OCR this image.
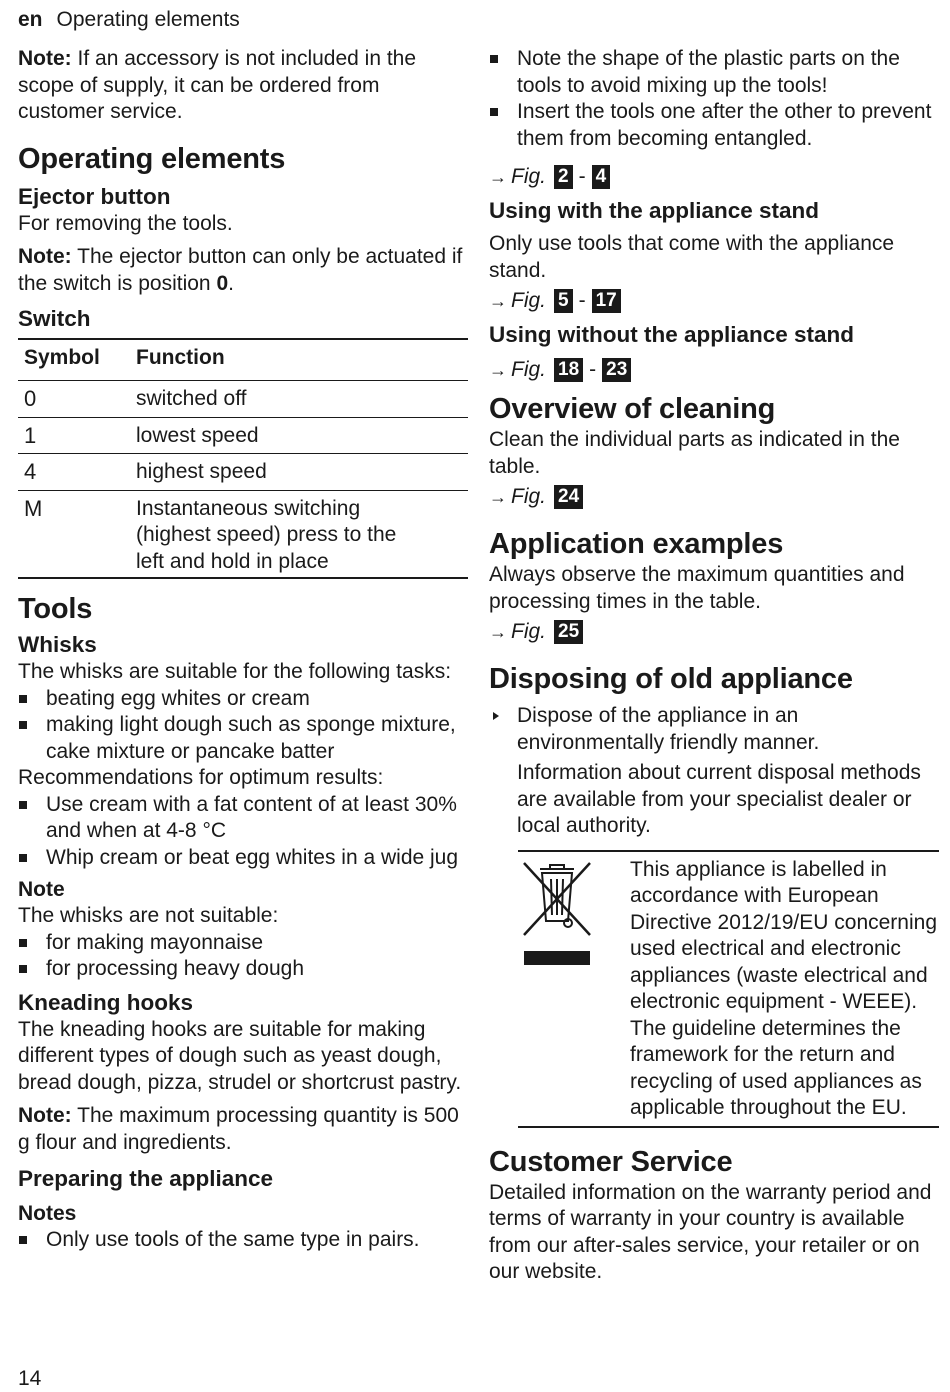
en Operating elements

Note: If an accessory is not included in the scope of supply, it can be ordered from customer service.

Operating elements
Ejector button

For removing the tools.

Note: The ejector button can only be actuated if the switch is position 0.

Switch
Symbol	Function
0	switched off
1	lowest speed
4	highest speed
M	Instantaneous switching (highest speed) press to the left and hold in place
Tools
Whisks

The whisks are suitable for the following tasks:

beating egg whites or cream
making light dough such as sponge mixture, cake mixture or pancake batter

Recommendations for optimum results:

Use cream with a fat content of at least 30% and when at 4-8 °C
Whip cream or beat egg whites in a wide jug
Note

The whisks are not suitable:

for making mayonnaise
for processing heavy dough
Kneading hooks

The kneading hooks are suitable for making different types of dough such as yeast dough, bread dough, pizza, strudel or shortcrust pastry.

Note: The maximum processing quantity is 500 g flour and ingredients.

Preparing the appliance
Notes
Only use tools of the same type in pairs.
Note the shape of the plastic parts on the tools to avoid mixing up the tools!
Insert the tools one after the other to prevent them from becoming entangled.
→ Fig. 2 - 4
Using with the appliance stand

Only use tools that come with the appliance stand.

→ Fig. 5 - 17
Using without the appliance stand
→ Fig. 18 - 23
Overview of cleaning

Clean the individual parts as indicated in the table.

→ Fig. 24
Application examples

Always observe the maximum quantities and processing times in the table.

→ Fig. 25
Disposing of old appliance

Dispose of the appliance in an environmentally friendly manner.

Information about current disposal methods are available from your specialist dealer or local authority.

This appliance is labelled in accordance with European Directive 2012/19/EU concerning used electrical and electronic appliances (waste electrical and electronic equipment - WEEE).
The guideline determines the framework for the return and recycling of used appliances as applicable throughout the EU.
Customer Service

Detailed information on the warranty period and terms of warranty in your country is available from our after-sales service, your retailer or on our website.

14
